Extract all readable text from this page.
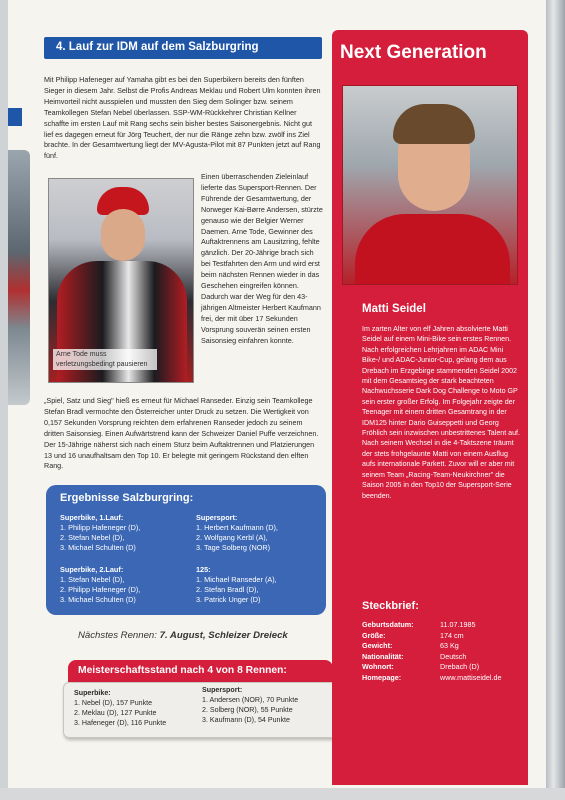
4. Lauf zur IDM auf dem Salzburgring

Mit Philipp Hafeneger auf Yamaha gibt es bei den Superbikern bereits den fünften Sieger in diesem Jahr. Selbst die Profis Andreas Meklau und Robert Ulm konnten ihren Heimvorteil nicht ausspielen und mussten den Sieg dem Solinger bzw. seinem Teamkollegen Stefan Nebel überlassen. SSP-WM-Rückkehrer Christian Kellner schaffte im ersten Lauf mit Rang sechs sein bisher bestes Saisonergebnis. Nicht gut lief es dagegen erneut für Jörg Teuchert, der nur die Ränge zehn bzw. zwölf ins Ziel brachte. In der Gesamtwertung liegt der MV-Agusta-Pilot mit 87 Punkten jetzt auf Rang fünf.

Arne Tode muss verletzungsbedingt pausieren

Einen überraschenden Zieleinlauf lieferte das Supersport-Rennen. Der Führende der Gesamtwertung, der Norweger Kai-Børre Andersen, stürzte genauso wie der Belgier Werner Daemen. Arne Tode, Gewinner des Auftaktrennens am Lausitzring, fehlte gänzlich. Der 20-Jährige brach sich bei Testfahrten den Arm und wird erst beim nächsten Rennen wieder in das Geschehen eingreifen können. Dadurch war der Weg für den 43-jährigen Altmeister Herbert Kaufmann frei, der mit über 17 Sekunden Vorsprung souverän seinen ersten Saisonsieg einfahren konnte.

„Spiel, Satz und Sieg" hieß es erneut für Michael Ranseder. Einzig sein Teamkollege Stefan Bradl vermochte den Österreicher unter Druck zu setzen. Die Wertigkeit von 0,157 Sekunden Vorsprung reichten dem erfahrenen Ranseder jedoch zu seinem dritten Saisonsieg. Einen Aufwärtstrend kann der Schweizer Daniel Puffe verzeichnen. Der 15-Jährige näherst sich nach einem Sturz beim Auftaktrennen und Platzierungen 13 und 16 unaufhaltsam den Top 10. Er belegte mit geringem Rückstand den elften Rang.

Ergebnisse Salzburgring:
Superbike, 1.Lauf:
1. Philipp Hafeneger (D),
2. Stefan Nebel (D),
3. Michael Schulten (D)
Supersport:
1. Herbert Kaufmann (D),
2. Wolfgang Kerbl (A),
3. Tage Solberg (NOR)
Superbike, 2.Lauf:
1. Stefan Nebel (D),
2. Philipp Hafeneger (D),
3. Michael Schulten (D)
125:
1. Michael Ranseder (A),
2. Stefan Bradl (D),
3. Patrick Unger (D)
Nächstes Rennen: 7. August, Schleizer Dreieck
Meisterschaftsstand nach 4 von 8 Rennen:
Superbike:
1. Nebel (D), 157 Punkte
2. Meklau (D), 127 Punkte
3. Hafeneger (D), 116 Punkte
Supersport:
1. Andersen (NOR), 70 Punkte
2. Solberg (NOR), 55 Punkte
3. Kaufmann (D), 54 Punkte
Next Generation
Matti Seidel

Im zarten Alter von elf Jahren absolvierte Matti Seidel auf einem Mini-Bike sein erstes Rennen. Nach erfolgreichen Lehrjahren im ADAC Mini Bike-/ und ADAC-Junior-Cup, gelang dem aus Drebach im Erzgebirge stammenden Seidel 2002 mit dem Gesamtsieg der stark beachteten Nachwuchsserie Dark Dog Challenge to Moto GP sein erster großer Erfolg. Im Folgejahr zeigte der Teenager mit einem dritten Gesamtrang in der IDM125 hinter Dario Guiseppetti und Georg Fröhlich sein inzwischen unbestrittenes Talent auf. Nach seinem Wechsel in die 4-Taktszene träumt der stets frohgelaunte Matti von einem Ausflug aufs internationale Parkett. Zuvor will er aber mit seinem Team „Racing-Team-Neukirchner" die Saison 2005 in den Top10 der Supersport-Serie beenden.

Steckbrief:
Geburtsdatum:	11.07.1985
Größe:	174 cm
Gewicht:	63 Kg
Nationalität:	Deutsch
Wohnort:	Drebach (D)
Homepage:	www.mattiseidel.de
